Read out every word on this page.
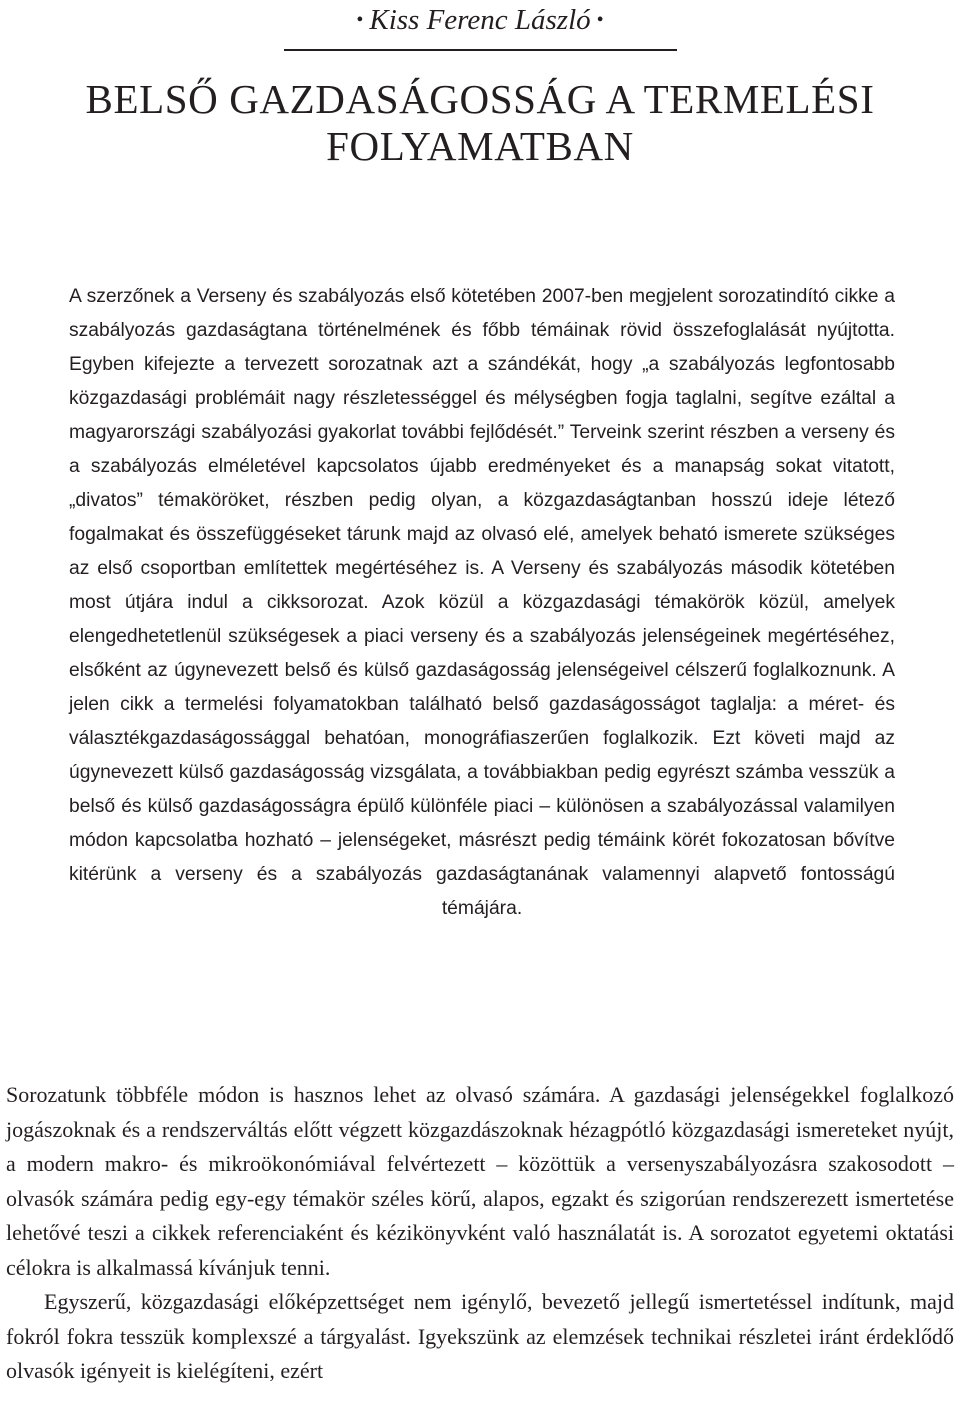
• Kiss Ferenc László •
BELSŐ GAZDASÁGOSSÁG A TERMELÉSI FOLYAMATBAN

A szerzőnek a Verseny és szabályozás első kötetében 2007-ben megjelent sorozatindító cikke a szabályozás gazdaságtana történelmének és főbb témáinak rövid összefoglalását nyújtotta. Egyben kifejezte a tervezett sorozatnak azt a szándékát, hogy „a szabályozás legfontosabb közgazdasági problémáit nagy részletességgel és mélységben fogja taglalni, segítve ezáltal a magyarországi szabályozási gyakorlat további fejlődését.” Terveink szerint részben a verseny és a szabályozás elméletével kapcsolatos újabb eredményeket és a manapság sokat vitatott, „divatos” témaköröket, részben pedig olyan, a közgazdaságtanban hosszú ideje létező fogalmakat és összefüggéseket tárunk majd az olvasó elé, amelyek beható ismerete szükséges az első csoportban említettek megértéséhez is. A Verseny és szabályozás második kötetében most útjára indul a cikksorozat. Azok közül a közgazdasági témakörök közül, amelyek elengedhetetlenül szükségesek a piaci verseny és a szabályozás jelenségeinek megértéséhez, elsőként az úgynevezett belső és külső gazdaságosság jelenségeivel célszerű foglalkoznunk. A jelen cikk a termelési folyamatokban található belső gazdaságosságot taglalja: a méret- és választékgazdaságossággal behatóan, monográfiaszerűen foglalkozik. Ezt követi majd az úgynevezett külső gazdaságosság vizsgálata, a továbbiakban pedig egyrészt számba vesszük a belső és külső gazdaságosságra épülő különféle piaci – különösen a szabályozással valamilyen módon kapcsolatba hozható – jelenségeket, másrészt pedig témáink körét fokozatosan bővítve kitérünk a verseny és a szabályozás gazdaságtanának valamennyi alapvető fontosságú témájára.

Sorozatunk többféle módon is hasznos lehet az olvasó számára. A gazdasági jelenségekkel foglalkozó jogászoknak és a rendszerváltás előtt végzett közgazdászoknak hézagpótló közgazdasági ismereteket nyújt, a modern makro- és mikroökonómiával felvértezett – közöttük a versenyszabályozásra szakosodott – olvasók számára pedig egy-egy témakör széles körű, alapos, egzakt és szigorúan rendszerezett ismertetése lehetővé teszi a cikkek referenciaként és kézikönyvként való használatát is. A sorozatot egyetemi oktatási célokra is alkalmassá kívánjuk tenni.

Egyszerű, közgazdasági előképzettséget nem igénylő, bevezető jellegű ismertetéssel indítunk, majd fokról fokra tesszük komplexszé a tárgyalást. Igyekszünk az elemzések technikai részletei iránt érdeklődő olvasók igényeit is kielégíteni, ezért
